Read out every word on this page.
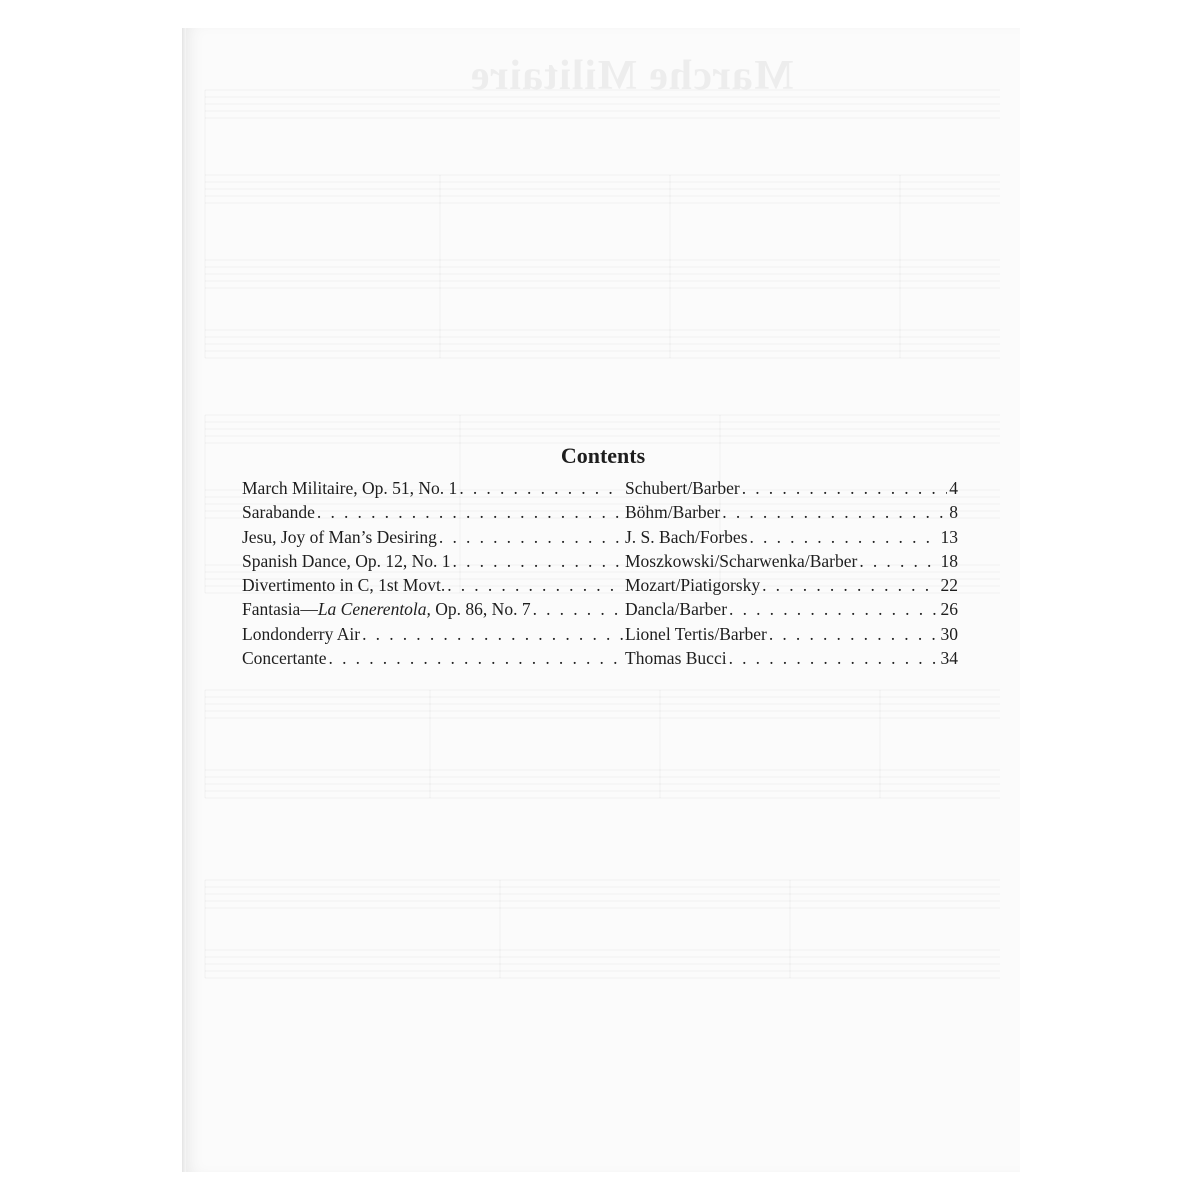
Marche Militaire
Contents
March Militaire, Op. 51, No. 1 . . .	Schubert/Barber . . .	4
Sarabande . . .	Böhm/Barber . . .	8
Jesu, Joy of Man’s Desiring . . .	J. S. Bach/Forbes . . .	13
Spanish Dance, Op. 12, No. 1 . . .	Moszkowski/Scharwenka/Barber . . .	18
Divertimento in C, 1st Movt. . . .	Mozart/Piatigorsky . . .	22
Fantasia— La Cenerentola, Op. 86, No. 7 . . .	Dancla/Barber . . .	26
Londonderry Air . . .	Lionel Tertis/Barber . . .	30
Concertante . . .	Thomas Bucci . . .	34
